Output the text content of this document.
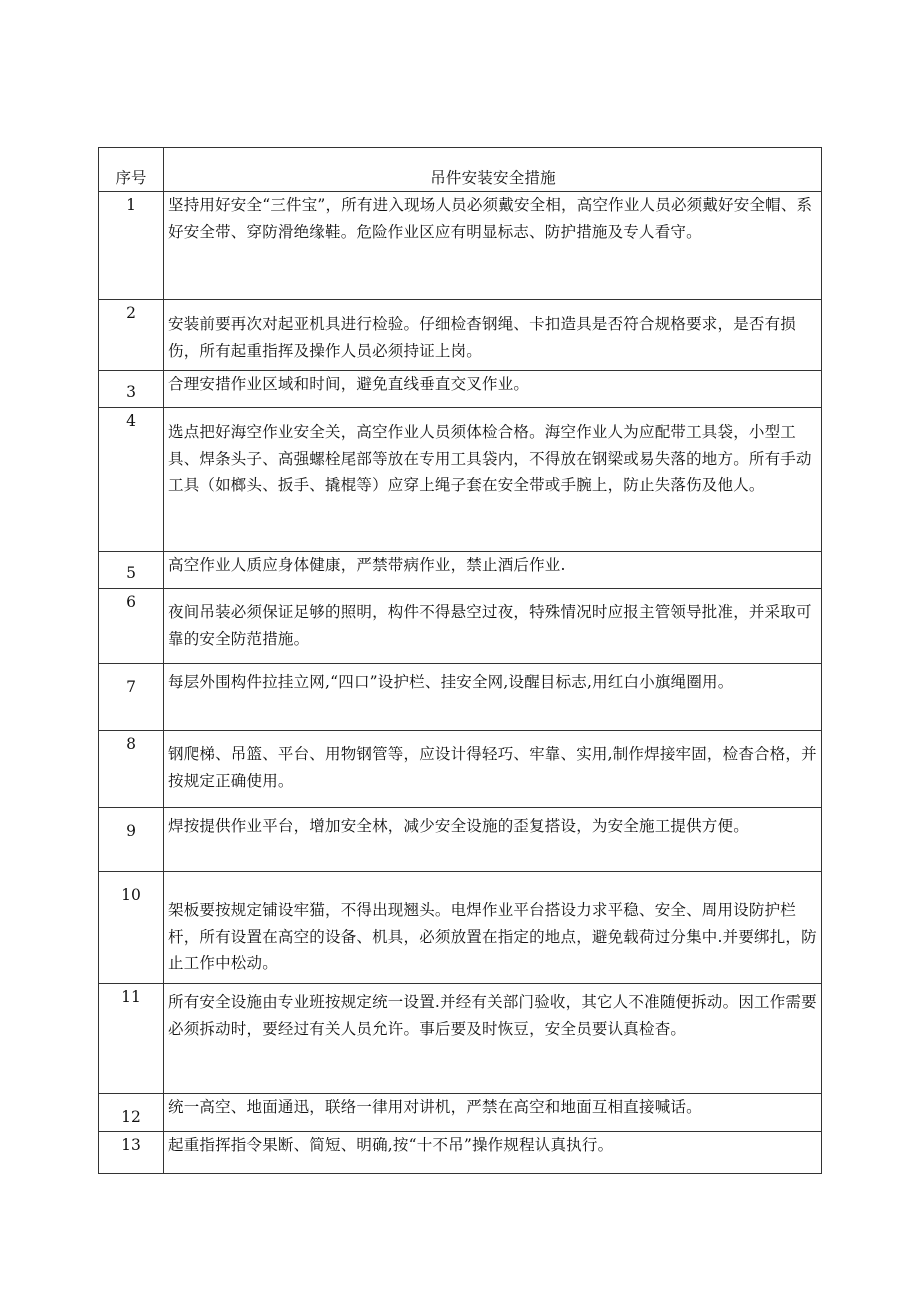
序号	吊件安装安全措施
1	坚持用好安全“三件宝”，所有进入现场人员必须戴安全相，高空作业人员必须戴好安全帽、系好安全带、穿防滑绝缘鞋。危险作业区应有明显标志、防护措施及专人看守。
2	安装前要再次对起亚机具进行检验。仔细检杳钢绳、卡扣造具是否符合规格要求，是否有损伤，所有起重指挥及操作人员必须持证上岗。
3	合理安措作业区域和时间，避免直线垂直交叉作业。
4	选点把好海空作业安全关，高空作业人员须体检合格。海空作业人为应配带工具袋，小型工具、焊条头子、高强螺栓尾部等放在专用工具袋内，不得放在钢梁或易失落的地方。所有手动工具（如榔头、扳手、撬棍等）应穿上绳子套在安全带或手腕上，防止失落伤及他人。
5	高空作业人质应身体健康，严禁带病作业，禁止酒后作业.
6	夜间吊装必须保证足够的照明，构件不得悬空过夜，特殊情况时应报主管领导批准，并采取可靠的安全防范措施。
7	每层外围构件拉挂立网,“四口”设护栏、挂安全网,设醒目标志,用红白小旗绳圈用。
8	钢爬梯、吊篮、平台、用物钢管等，应设计得轻巧、牢靠、实用,制作焊接牢固，检杳合格，并按规定正确使用。
9	焊按提供作业平台，增加安全林，减少安全设施的歪复搭设，为安全施工提供方便。
10	架板要按规定铺设牢猫，不得出现翘头。电焊作业平台搭设力求平稳、安全、周用设防护栏杆，所有设置在高空的设备、机具，必须放置在指定的地点，避免载荷过分集中.并要绑扎，防止工作中松动。
11	所有安全设施由专业班按规定统一设置.并经有关部门验收，其它人不准随便拆动。因工作需要必须拆动时，要经过有关人员允许。事后要及时恢豆，安全员要认真检杳。
12	统一高空、地面通迅，联络一律用对讲机，严禁在高空和地面互相直接喊话。
13	起重指挥指令果断、简短、明确,按“十不吊”操作规程认真执行。
